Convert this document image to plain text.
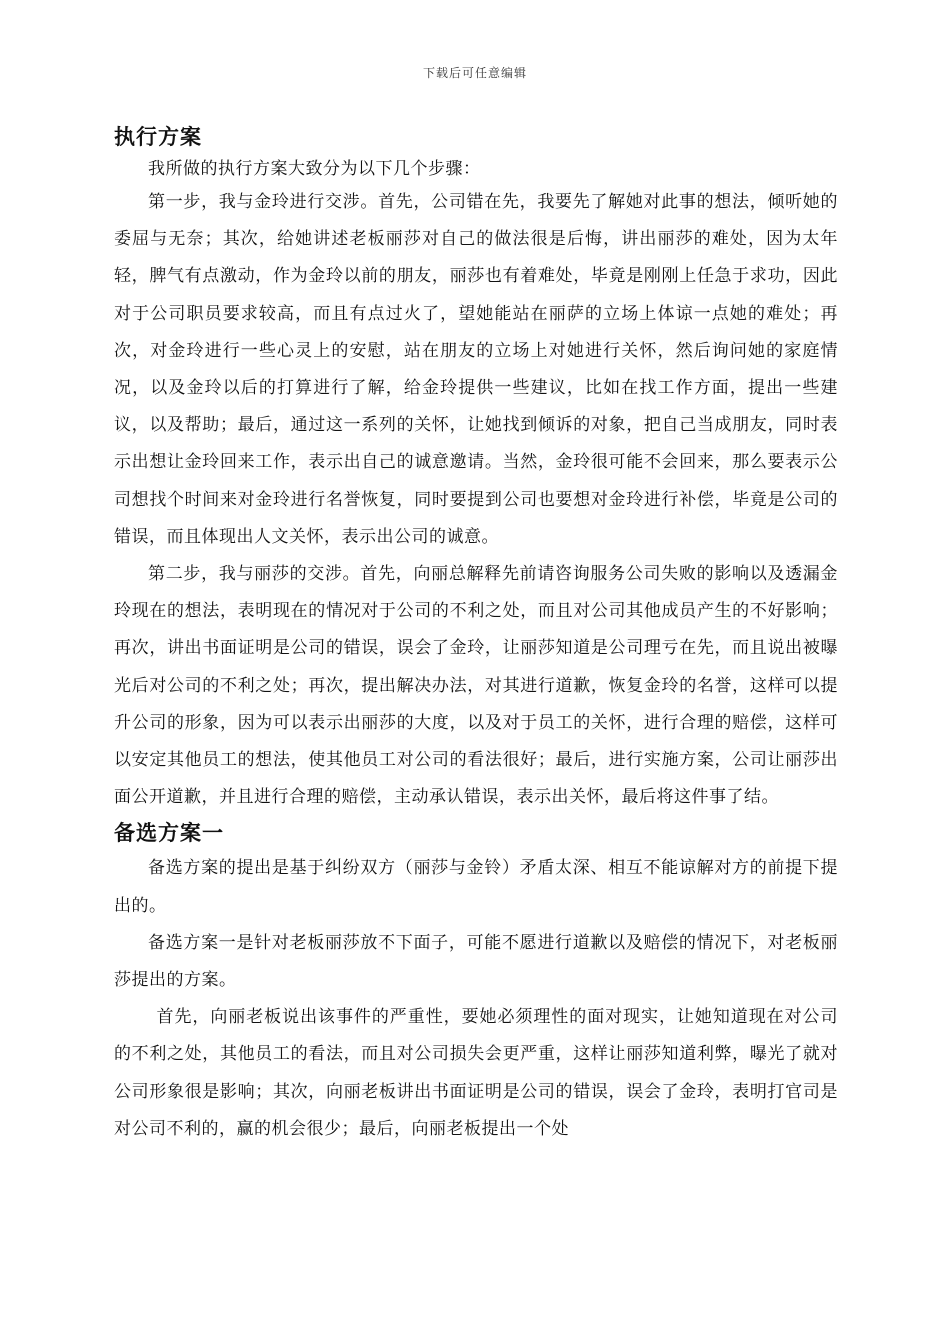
下载后可任意编辑
执行方案

我所做的执行方案大致分为以下几个步骤：

第一步，我与金玲进行交涉。首先，公司错在先，我要先了解她对此事的想法，倾听她的委屈与无奈；其次，给她讲述老板丽莎对自己的做法很是后悔，讲出丽莎的难处，因为太年轻，脾气有点激动，作为金玲以前的朋友，丽莎也有着难处，毕竟是刚刚上任急于求功，因此对于公司职员要求较高，而且有点过火了，望她能站在丽萨的立场上体谅一点她的难处；再次，对金玲进行一些心灵上的安慰，站在朋友的立场上对她进行关怀，然后询问她的家庭情况，以及金玲以后的打算进行了解，给金玲提供一些建议，比如在找工作方面，提出一些建议，以及帮助；最后，通过这一系列的关怀，让她找到倾诉的对象，把自己当成朋友，同时表示出想让金玲回来工作，表示出自己的诚意邀请。当然，金玲很可能不会回来，那么要表示公司想找个时间来对金玲进行名誉恢复，同时要提到公司也要想对金玲进行补偿，毕竟是公司的错误，而且体现出人文关怀，表示出公司的诚意。

第二步，我与丽莎的交涉。首先，向丽总解释先前请咨询服务公司失败的影响以及透漏金玲现在的想法，表明现在的情况对于公司的不利之处，而且对公司其他成员产生的不好影响；再次，讲出书面证明是公司的错误，误会了金玲，让丽莎知道是公司理亏在先，而且说出被曝光后对公司的不利之处；再次，提出解决办法，对其进行道歉，恢复金玲的名誉，这样可以提升公司的形象，因为可以表示出丽莎的大度，以及对于员工的关怀，进行合理的赔偿，这样可以安定其他员工的想法，使其他员工对公司的看法很好；最后，进行实施方案，公司让丽莎出面公开道歉，并且进行合理的赔偿，主动承认错误，表示出关怀，最后将这件事了结。

备选方案一

备选方案的提出是基于纠纷双方（丽莎与金铃）矛盾太深、相互不能谅解对方的前提下提出的。

备选方案一是针对老板丽莎放不下面子，可能不愿进行道歉以及赔偿的情况下，对老板丽莎提出的方案。

首先，向丽老板说出该事件的严重性，要她必须理性的面对现实，让她知道现在对公司的不利之处，其他员工的看法，而且对公司损失会更严重，这样让丽莎知道利弊，曝光了就对公司形象很是影响；其次，向丽老板讲出书面证明是公司的错误，误会了金玲，表明打官司是对公司不利的，赢的机会很少；最后，向丽老板提出一个处
